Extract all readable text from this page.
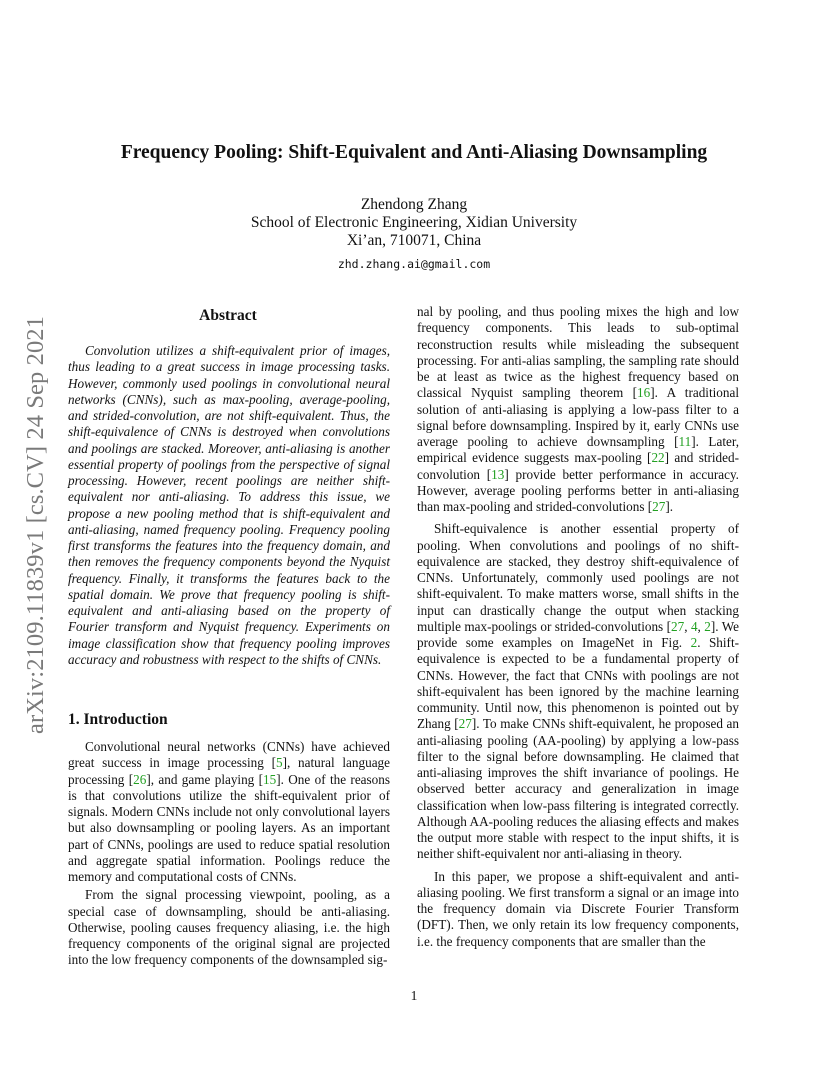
arXiv:2109.11839v1 [cs.CV] 24 Sep 2021
Frequency Pooling: Shift-Equivalent and Anti-Aliasing Downsampling
Zhendong Zhang
School of Electronic Engineering, Xidian University
Xi’an, 710071, China
zhd.zhang.ai@gmail.com
Abstract

Convolution utilizes a shift-equivalent prior of images, thus leading to a great success in image processing tasks. However, commonly used poolings in convolutional neural networks (CNNs), such as max-pooling, average-pooling, and strided-convolution, are not shift-equivalent. Thus, the shift-equivalence of CNNs is destroyed when convolutions and poolings are stacked. Moreover, anti-aliasing is another essential property of poolings from the perspective of signal processing. However, recent poolings are neither shift-equivalent nor anti-aliasing. To address this issue, we propose a new pooling method that is shift-equivalent and anti-aliasing, named frequency pooling. Frequency pooling first transforms the features into the frequency domain, and then removes the frequency components beyond the Nyquist frequency. Finally, it transforms the features back to the spatial domain. We prove that frequency pooling is shift-equivalent and anti-aliasing based on the property of Fourier transform and Nyquist frequency. Experiments on image classification show that frequency pooling improves accuracy and robustness with respect to the shifts of CNNs.

1. Introduction

Convolutional neural networks (CNNs) have achieved great success in image processing [5], natural language processing [26], and game playing [15]. One of the reasons is that convolutions utilize the shift-equivalent prior of signals. Modern CNNs include not only convolutional layers but also downsampling or pooling layers. As an important part of CNNs, poolings are used to reduce spatial resolution and aggregate spatial information. Poolings reduce the memory and computational costs of CNNs.

From the signal processing viewpoint, pooling, as a special case of downsampling, should be anti-aliasing. Otherwise, pooling causes frequency aliasing, i.e. the high frequency components of the original signal are projected into the low frequency components of the downsampled sig-

nal by pooling, and thus pooling mixes the high and low frequency components. This leads to sub-optimal reconstruction results while misleading the subsequent processing. For anti-alias sampling, the sampling rate should be at least as twice as the highest frequency based on classical Nyquist sampling theorem [16]. A traditional solution of anti-aliasing is applying a low-pass filter to a signal before downsampling. Inspired by it, early CNNs use average pooling to achieve downsampling [11]. Later, empirical evidence suggests max-pooling [22] and strided-convolution [13] provide better performance in accuracy. However, average pooling performs better in anti-aliasing than max-pooling and strided-convolutions [27].

Shift-equivalence is another essential property of pooling. When convolutions and poolings of no shift-equivalence are stacked, they destroy shift-equivalence of CNNs. Unfortunately, commonly used poolings are not shift-equivalent. To make matters worse, small shifts in the input can drastically change the output when stacking multiple max-poolings or strided-convolutions [27, 4, 2]. We provide some examples on ImageNet in Fig. 2. Shift-equivalence is expected to be a fundamental property of CNNs. However, the fact that CNNs with poolings are not shift-equivalent has been ignored by the machine learning community. Until now, this phenomenon is pointed out by Zhang [27]. To make CNNs shift-equivalent, he proposed an anti-aliasing pooling (AA-pooling) by applying a low-pass filter to the signal before downsampling. He claimed that anti-aliasing improves the shift invariance of poolings. He observed better accuracy and generalization in image classification when low-pass filtering is integrated correctly. Although AA-pooling reduces the aliasing effects and makes the output more stable with respect to the input shifts, it is neither shift-equivalent nor anti-aliasing in theory.

In this paper, we propose a shift-equivalent and anti-aliasing pooling. We first transform a signal or an image into the frequency domain via Discrete Fourier Transform (DFT). Then, we only retain its low frequency components, i.e. the frequency components that are smaller than the

1
